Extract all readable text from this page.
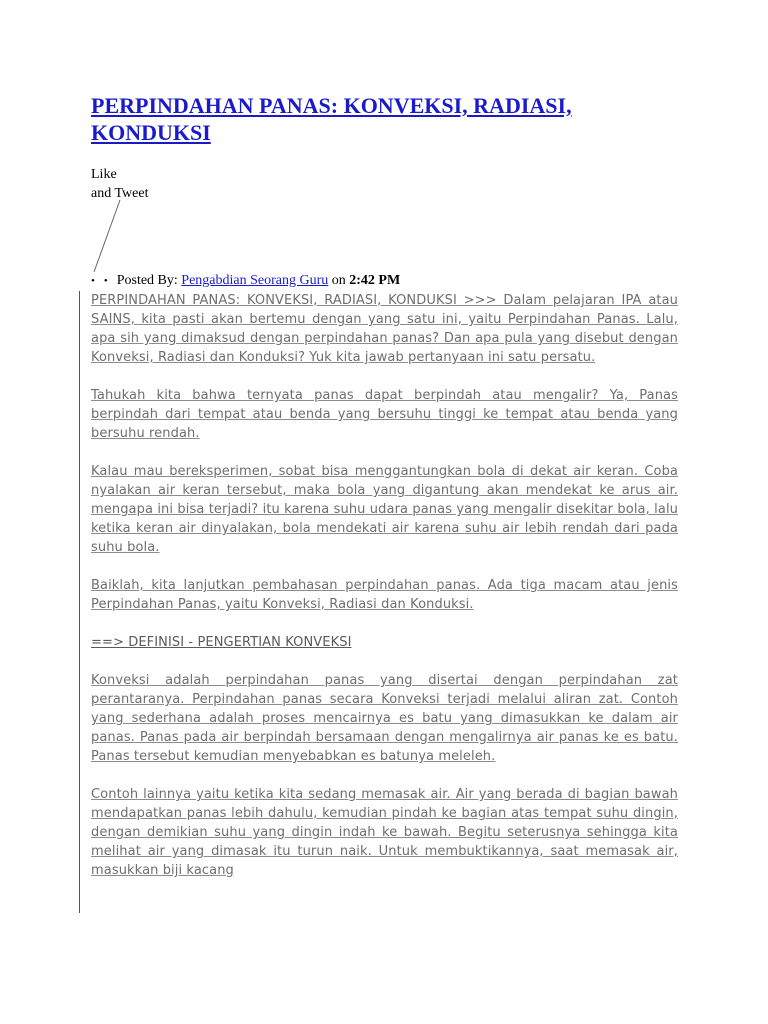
PERPINDAHAN PANAS: KONVEKSI, RADIASI, KONDUKSI
Like
and Tweet
• • Posted By: Pengabdian Seorang Guru on 2:42 PM

PERPINDAHAN PANAS: KONVEKSI, RADIASI, KONDUKSI >>> Dalam pelajaran IPA atau SAINS, kita pasti akan bertemu dengan yang satu ini, yaitu Perpindahan Panas. Lalu, apa sih yang dimaksud dengan perpindahan panas? Dan apa pula yang disebut dengan Konveksi, Radiasi dan Konduksi? Yuk kita jawab pertanyaan ini satu persatu.

Tahukah kita bahwa ternyata panas dapat berpindah atau mengalir? Ya, Panas berpindah dari tempat atau benda yang bersuhu tinggi ke tempat atau benda yang bersuhu rendah.

Kalau mau bereksperimen, sobat bisa menggantungkan bola di dekat air keran. Coba nyalakan air keran tersebut, maka bola yang digantung akan mendekat ke arus air. mengapa ini bisa terjadi? itu karena suhu udara panas yang mengalir disekitar bola, lalu ketika keran air dinyalakan, bola mendekati air karena suhu air lebih rendah dari pada suhu bola.

Baiklah, kita lanjutkan pembahasan perpindahan panas. Ada tiga macam atau jenis Perpindahan Panas, yaitu Konveksi, Radiasi dan Konduksi.

==> DEFINISI - PENGERTIAN KONVEKSI

Konveksi adalah perpindahan panas yang disertai dengan perpindahan zat perantaranya. Perpindahan panas secara Konveksi terjadi melalui aliran zat. Contoh yang sederhana adalah proses mencairnya es batu yang dimasukkan ke dalam air panas. Panas pada air berpindah bersamaan dengan mengalirnya air panas ke es batu. Panas tersebut kemudian menyebabkan es batunya meleleh.

Contoh lainnya yaitu ketika kita sedang memasak air. Air yang berada di bagian bawah mendapatkan panas lebih dahulu, kemudian pindah ke bagian atas tempat suhu dingin, dengan demikian suhu yang dingin indah ke bawah. Begitu seterusnya sehingga kita melihat air yang dimasak itu turun naik. Untuk membuktikannya, saat memasak air, masukkan biji kacang
